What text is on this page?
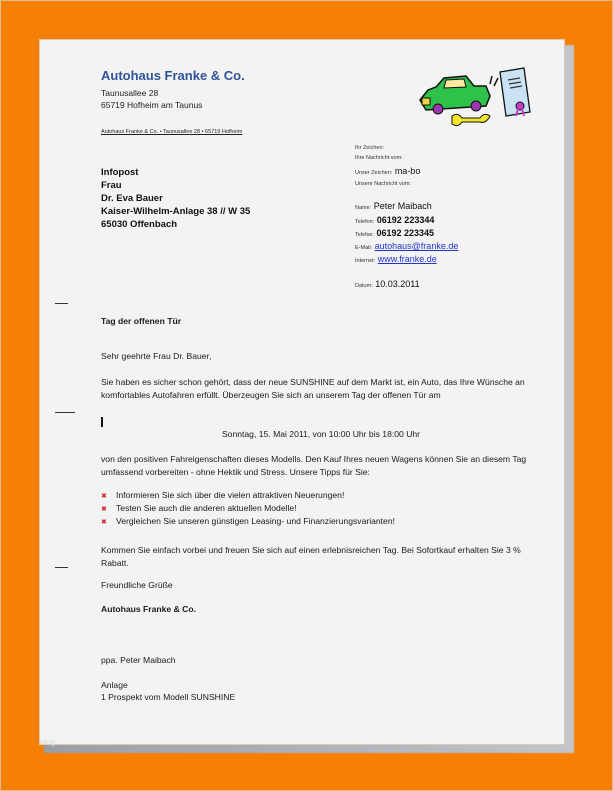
Autohaus Franke & Co.
Taunusallee 28
65719 Hofheim am Taunus
Autohaus Franke & Co. • Taunusallee 28 • 65719 Hofheim
Infopost
Frau
Dr. Eva Bauer
Kaiser-Wilhelm-Anlage 38 // W 35
65030 Offenbach
Ihr Zeichen:
Ihre Nachricht vom:
Unser Zeichen: ma-bo
Unsere Nachricht vom:
Name: Peter Maibach
Telefon: 06192 223344
Telefax: 06192 223345
E-Mail: autohaus@franke.de
Internet: www.franke.de
Datum: 10.03.2011
Tag der offenen Tür
Sehr geehrte Frau Dr. Bauer,
Sie haben es sicher schon gehört, dass der neue SUNSHINE auf dem Markt ist, ein Auto, das Ihre Wünsche an komfortables Autofahren erfüllt. Überzeugen Sie sich an unserem Tag der offenen Tür am
Sonntag, 15. Mai 2011, von 10:00 Uhr bis 18:00 Uhr
von den positiven Fahreigenschaften dieses Modells. Den Kauf Ihres neuen Wagens können Sie an diesem Tag umfassend vorbereiten - ohne Hektik und Stress. Unsere Tipps für Sie:
✖ Informieren Sie sich über die vielen attraktiven Neuerungen!
✖ Testen Sie auch die anderen aktuellen Modelle!
✖ Vergleichen Sie unseren günstigen Leasing- und Finanzierungsvarianten!
Kommen Sie einfach vorbei und freuen Sie sich auf einen erlebnisreichen Tag. Bei Sofortkauf erhalten Sie 3 % Rabatt.
Freundliche Grüße
Autohaus Franke & Co.
ppa. Peter Maibach
Anlage
1 Prospekt vom Modell SUNSHINE
blog
